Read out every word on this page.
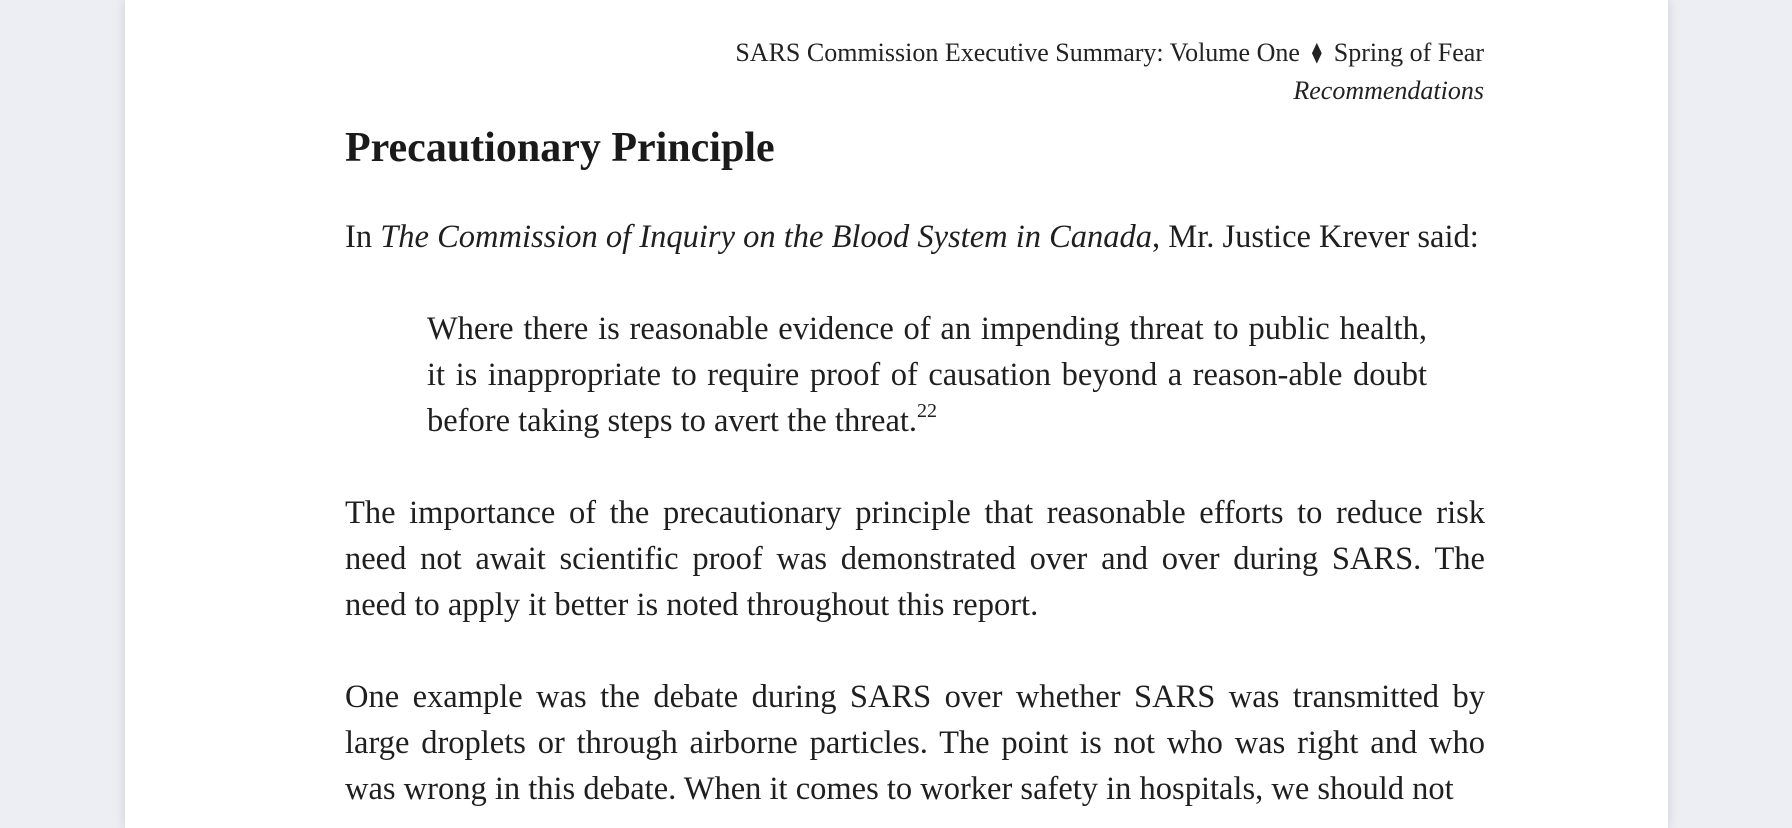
SARS Commission Executive Summary: Volume One ⧫ Spring of Fear
Recommendations
Precautionary Principle

In The Commission of Inquiry on the Blood System in Canada, Mr. Justice Krever said:

Where there is reasonable evidence of an impending threat to public health, it is inappropriate to require proof of causation beyond a reason-able doubt before taking steps to avert the threat.$^{22}$

The importance of the precautionary principle that reasonable efforts to reduce risk need not await scientific proof was demonstrated over and over during SARS. The need to apply it better is noted throughout this report.

One example was the debate during SARS over whether SARS was transmitted by large droplets or through airborne particles. The point is not who was right and who was wrong in this debate. When it comes to worker safety in hospitals, we should not
